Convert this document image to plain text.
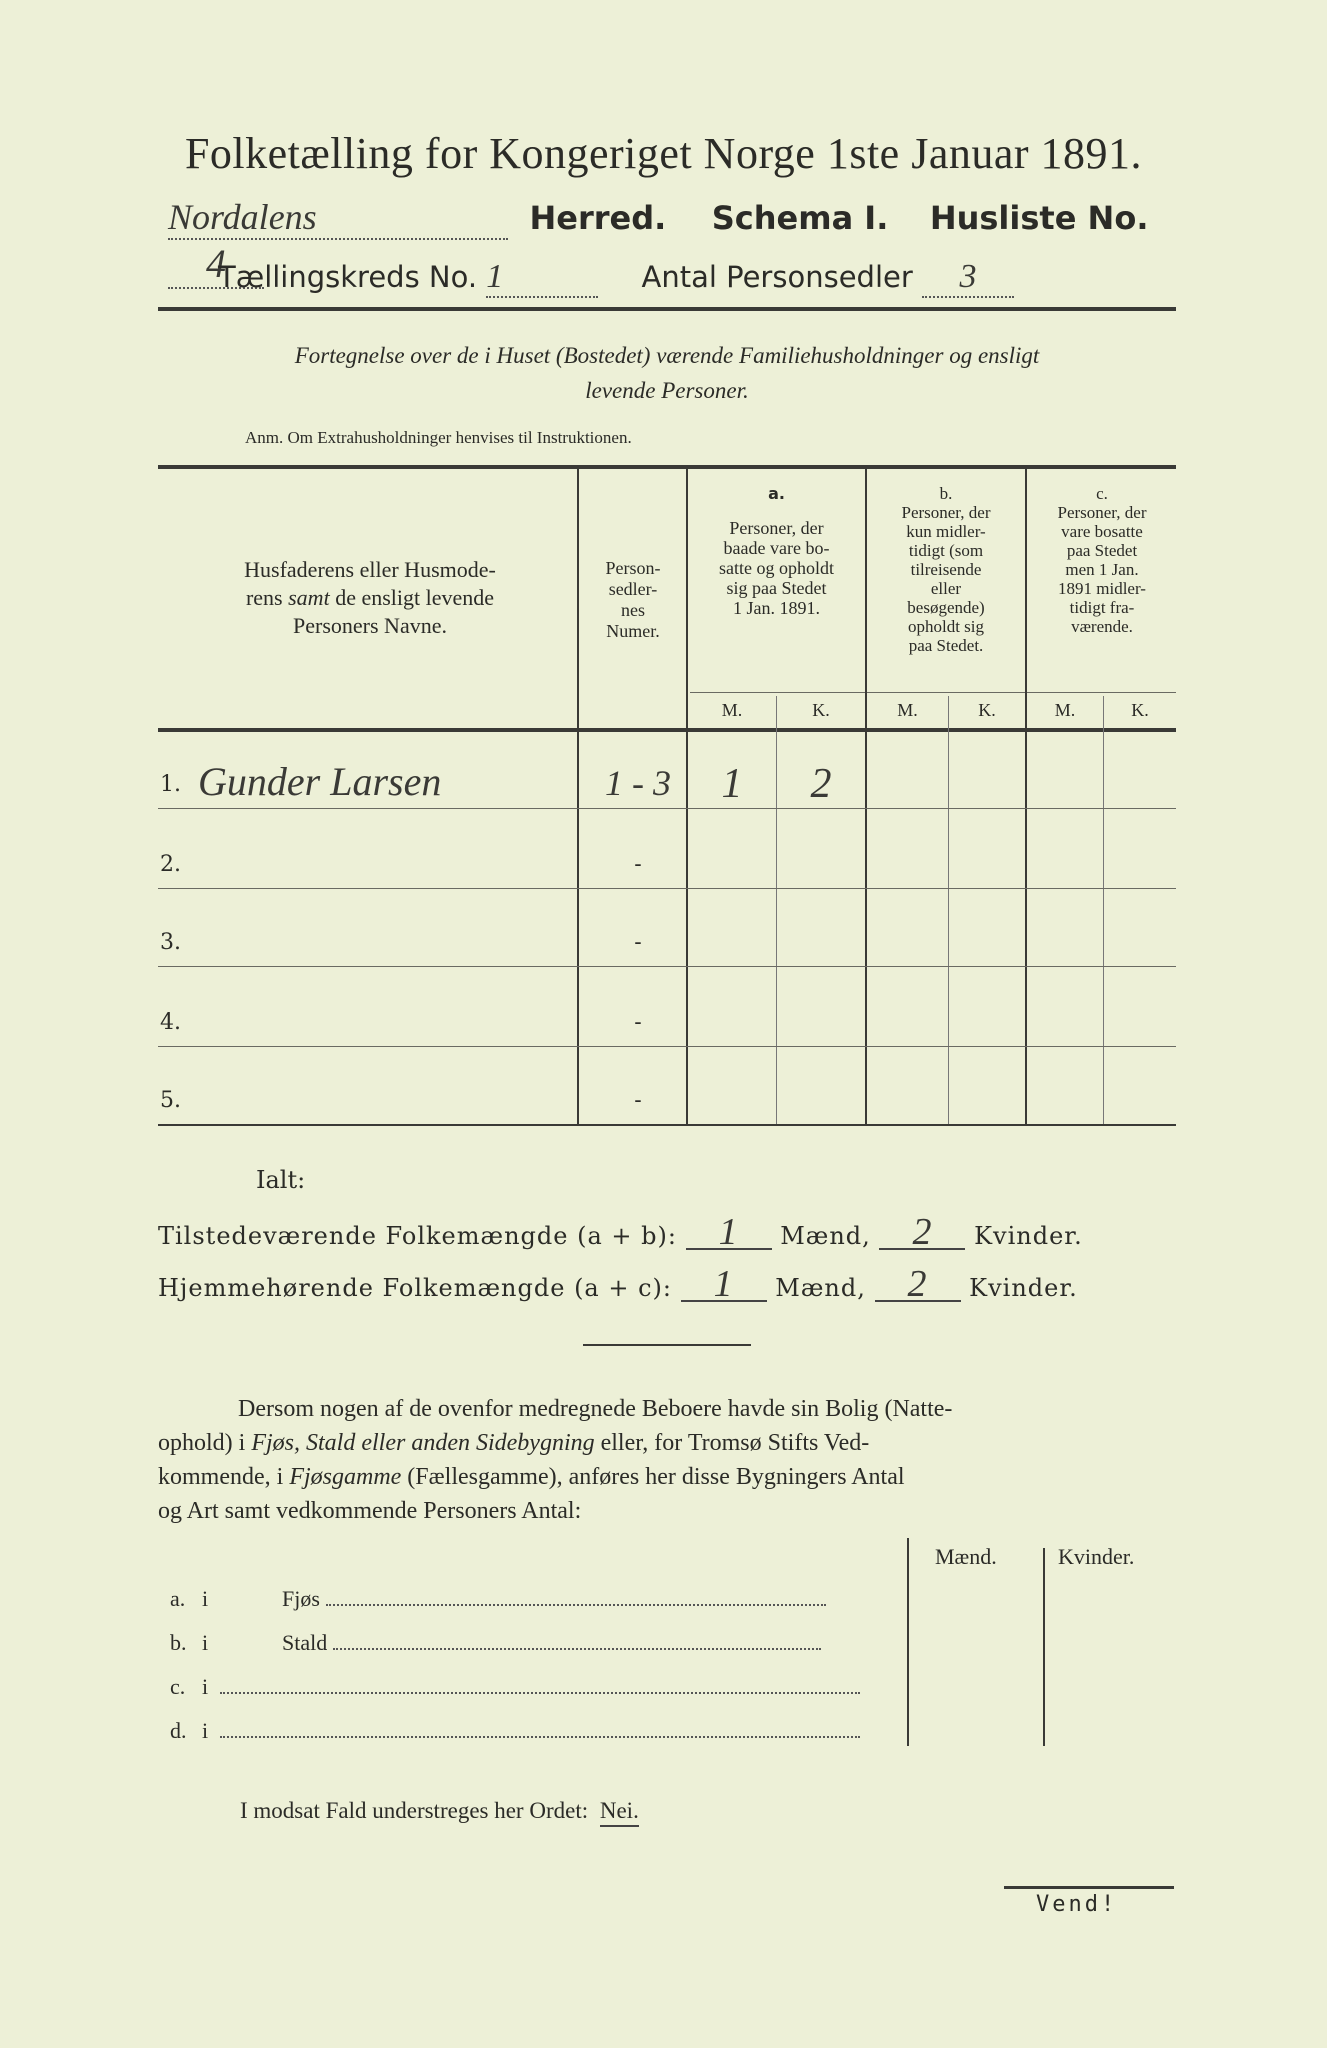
Folketælling for Kongeriget Norge 1ste Januar 1891.
Nordalens	Herred. Schema I. Husliste No. 4
Tællingskreds No. 1	Antal Personsedler 3
Fortegnelse over de i Huset (Bostedet) værende Familiehusholdninger og ensligt
levende Personer.
Anm. Om Extrahusholdninger henvises til Instruktionen.
Husfaderens eller Husmode-
rens samt de ensligt levende
Personers Navne.
Person-
sedler-
nes
Numer.
a.
Personer, der
baade vare bo-
satte og opholdt
sig paa Stedet
1 Jan. 1891.
b.
Personer, der
kun midler-
tidigt (som
tilreisende
eller
besøgende)
opholdt sig
paa Stedet.
c.
Personer, der
vare bosatte
paa Stedet
men 1 Jan.
1891 midler-
tidigt fra-
værende.
M.	K.	M.	K.	M.	K.
1. Gunder Larsen	1 - 3	1	2
2.	-
3.	-
4.	-
5.	-
Ialt:
Tilstedeværende Folkemængde (a + b): 1 Mænd, 2 Kvinder.
Hjemmehørende Folkemængde (a + c): 1 Mænd, 2 Kvinder.
Dersom nogen af de ovenfor medregnede Beboere havde sin Bolig (Natte-
ophold) i Fjøs, Stald eller anden Sidebygning eller, for Tromsø Stifts Ved-
kommende, i Fjøsgamme (Fællesgamme), anføres her disse Bygningers Antal
og Art samt vedkommende Personers Antal:
Mænd.	Kvinder.
a. i	Fjøs
b. i	Stald
c. i
d. i
I modsat Fald understreges her Ordet: Nei.
Vend!
